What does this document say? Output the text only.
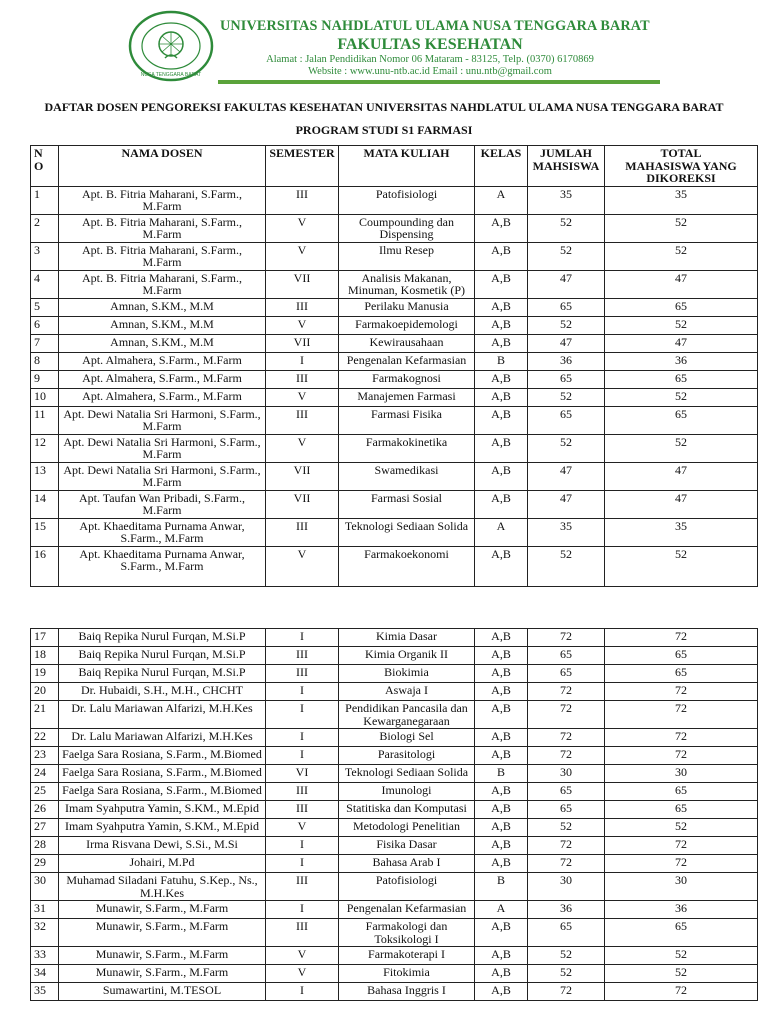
NUSA TENGGARA BARAT
UNIVERSITAS NAHDLATUL ULAMA NUSA TENGGARA BARAT
FAKULTAS KESEHATAN
Alamat : Jalan Pendidikan Nomor 06 Mataram - 83125, Telp. (0370) 6170869
Website : www.unu-ntb.ac.id Email : unu.ntb@gmail.com
DAFTAR DOSEN PENGOREKSI FAKULTAS KESEHATAN UNIVERSITAS NAHDLATUL ULAMA NUSA TENGGARA BARAT
PROGRAM STUDI S1 FARMASI
N
O	NAMA DOSEN	SEMESTER	MATA KULIAH	KELAS	JUMLAH
MAHSISWA	TOTAL
MAHASISWA YANG
DIKOREKSI
1	Apt. B. Fitria Maharani, S.Farm., M.Farm	III	Patofisiologi	A	35	35
2	Apt. B. Fitria Maharani, S.Farm., M.Farm	V	Coumpounding dan Dispensing	A,B	52	52
3	Apt. B. Fitria Maharani, S.Farm., M.Farm	V	Ilmu Resep	A,B	52	52
4	Apt. B. Fitria Maharani, S.Farm., M.Farm	VII	Analisis Makanan, Minuman, Kosmetik (P)	A,B	47	47
5	Amnan, S.KM., M.M	III	Perilaku Manusia	A,B	65	65
6	Amnan, S.KM., M.M	V	Farmakoepidemologi	A,B	52	52
7	Amnan, S.KM., M.M	VII	Kewirausahaan	A,B	47	47
8	Apt. Almahera, S.Farm., M.Farm	I	Pengenalan Kefarmasian	B	36	36
9	Apt. Almahera, S.Farm., M.Farm	III	Farmakognosi	A,B	65	65
10	Apt. Almahera, S.Farm., M.Farm	V	Manajemen Farmasi	A,B	52	52
11	Apt. Dewi Natalia Sri Harmoni, S.Farm., M.Farm	III	Farmasi Fisika	A,B	65	65
12	Apt. Dewi Natalia Sri Harmoni, S.Farm., M.Farm	V	Farmakokinetika	A,B	52	52
13	Apt. Dewi Natalia Sri Harmoni, S.Farm., M.Farm	VII	Swamedikasi	A,B	47	47
14	Apt. Taufan Wan Pribadi, S.Farm., M.Farm	VII	Farmasi Sosial	A,B	47	47
15	Apt. Khaeditama Purnama Anwar, S.Farm., M.Farm	III	Teknologi Sediaan Solida	A	35	35
16	Apt. Khaeditama Purnama Anwar, S.Farm., M.Farm	V	Farmakoekonomi	A,B	52	52
17	Baiq Repika Nurul Furqan, M.Si.P	I	Kimia Dasar	A,B	72	72
18	Baiq Repika Nurul Furqan, M.Si.P	III	Kimia Organik II	A,B	65	65
19	Baiq Repika Nurul Furqan, M.Si.P	III	Biokimia	A,B	65	65
20	Dr. Hubaidi, S.H., M.H., CHCHT	I	Aswaja I	A,B	72	72
21	Dr. Lalu Mariawan Alfarizi, M.H.Kes	I	Pendidikan Pancasila dan Kewarganegaraan	A,B	72	72
22	Dr. Lalu Mariawan Alfarizi, M.H.Kes	I	Biologi Sel	A,B	72	72
23	Faelga Sara Rosiana, S.Farm., M.Biomed	I	Parasitologi	A,B	72	72
24	Faelga Sara Rosiana, S.Farm., M.Biomed	VI	Teknologi Sediaan Solida	B	30	30
25	Faelga Sara Rosiana, S.Farm., M.Biomed	III	Imunologi	A,B	65	65
26	Imam Syahputra Yamin, S.KM., M.Epid	III	Statitiska dan Komputasi	A,B	65	65
27	Imam Syahputra Yamin, S.KM., M.Epid	V	Metodologi Penelitian	A,B	52	52
28	Irma Risvana Dewi, S.Si., M.Si	I	Fisika Dasar	A,B	72	72
29	Johairi, M.Pd	I	Bahasa Arab I	A,B	72	72
30	Muhamad Siladani Fatuhu, S.Kep., Ns., M.H.Kes	III	Patofisiologi	B	30	30
31	Munawir, S.Farm., M.Farm	I	Pengenalan Kefarmasian	A	36	36
32	Munawir, S.Farm., M.Farm	III	Farmakologi dan Toksikologi I	A,B	65	65
33	Munawir, S.Farm., M.Farm	V	Farmakoterapi I	A,B	52	52
34	Munawir, S.Farm., M.Farm	V	Fitokimia	A,B	52	52
35	Sumawartini, M.TESOL	I	Bahasa Inggris I	A,B	72	72
